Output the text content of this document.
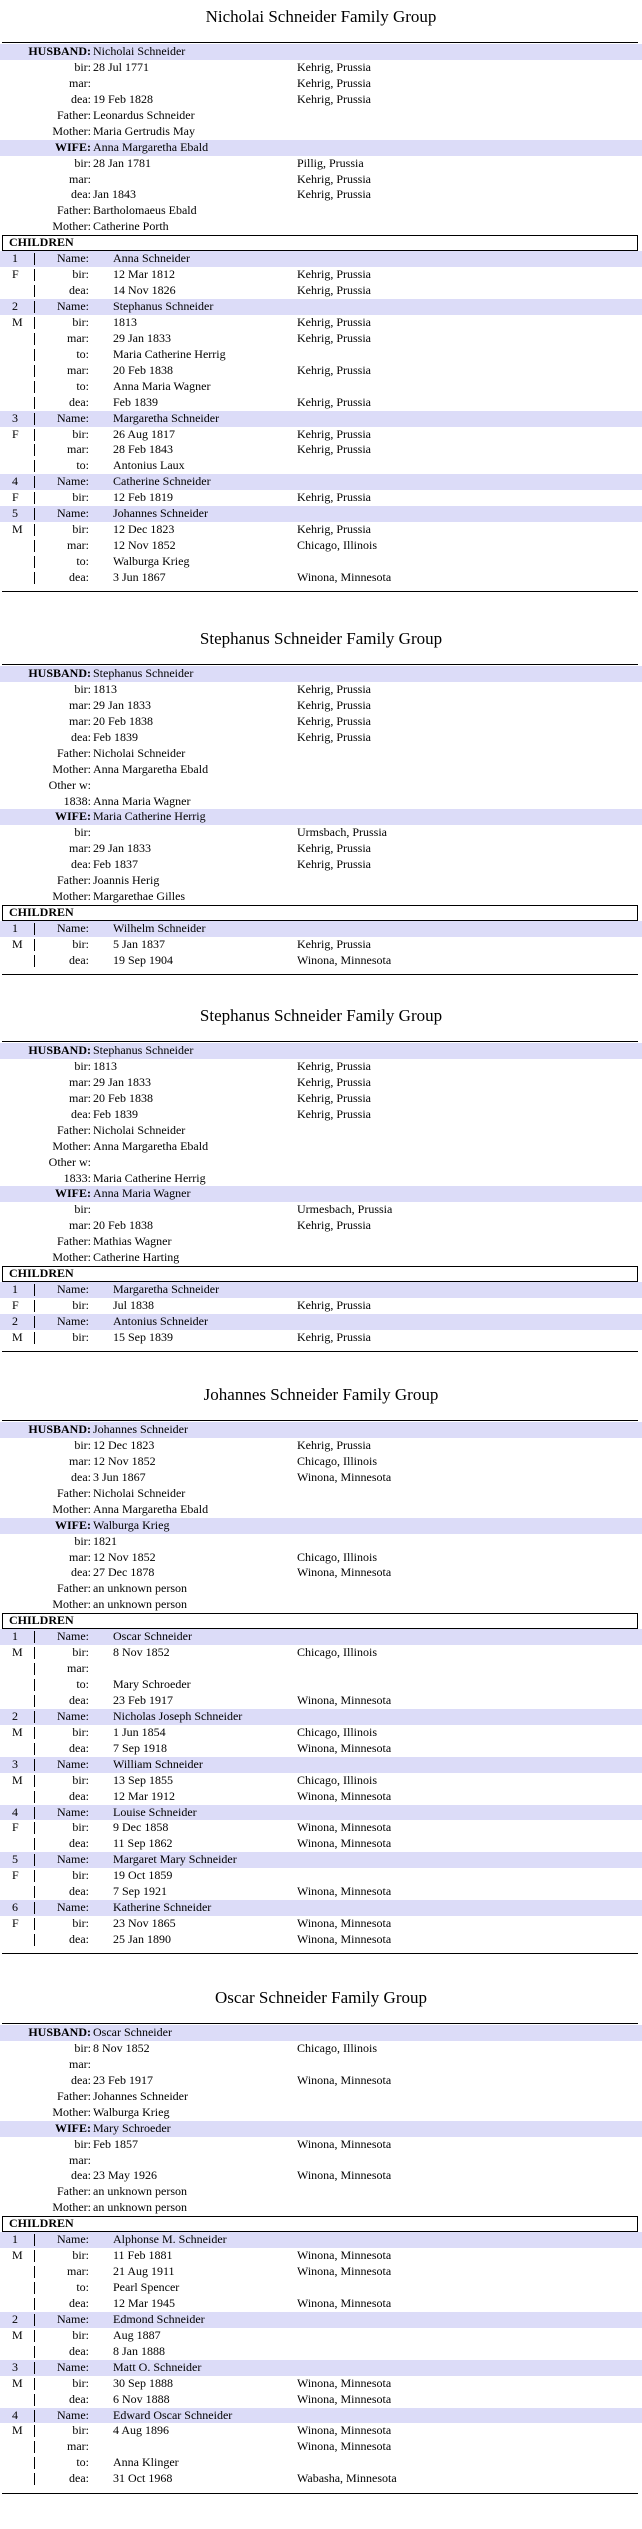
Nicholai Schneider Family Group
HUSBAND: Nicholai Schneider
bir: 28 Jul 1771	Kehrig, Prussia
mar:	Kehrig, Prussia
dea: 19 Feb 1828	Kehrig, Prussia
Father: Leonardus Schneider
Mother: Maria Gertrudis May
WIFE: Anna Margaretha Ebald
bir: 28 Jan 1781	Pillig, Prussia
mar:	Kehrig, Prussia
dea: Jan 1843	Kehrig, Prussia
Father: Bartholomaeus Ebald
Mother: Catherine Porth
CHILDREN
1	Name: Anna Schneider
F	bir: 12 Mar 1812	Kehrig, Prussia
dea: 14 Nov 1826	Kehrig, Prussia
2	Name: Stephanus Schneider
M	bir: 1813	Kehrig, Prussia
mar: 29 Jan 1833	Kehrig, Prussia
to: Maria Catherine Herrig
mar: 20 Feb 1838	Kehrig, Prussia
to: Anna Maria Wagner
dea: Feb 1839	Kehrig, Prussia
3	Name: Margaretha Schneider
F	bir: 26 Aug 1817	Kehrig, Prussia
mar: 28 Feb 1843	Kehrig, Prussia
to: Antonius Laux
4	Name: Catherine Schneider
F	bir: 12 Feb 1819	Kehrig, Prussia
5	Name: Johannes Schneider
M	bir: 12 Dec 1823	Kehrig, Prussia
mar: 12 Nov 1852	Chicago, Illinois
to: Walburga Krieg
dea: 3 Jun 1867	Winona, Minnesota
Stephanus Schneider Family Group
HUSBAND: Stephanus Schneider
bir: 1813	Kehrig, Prussia
mar: 29 Jan 1833	Kehrig, Prussia
mar: 20 Feb 1838	Kehrig, Prussia
dea: Feb 1839	Kehrig, Prussia
Father: Nicholai Schneider
Mother: Anna Margaretha Ebald
Other w:
1838: Anna Maria Wagner
WIFE: Maria Catherine Herrig
bir:	Urmsbach, Prussia
mar: 29 Jan 1833	Kehrig, Prussia
dea: Feb 1837	Kehrig, Prussia
Father: Joannis Herig
Mother: Margarethae Gilles
CHILDREN
1	Name: Wilhelm Schneider
M	bir: 5 Jan 1837	Kehrig, Prussia
dea: 19 Sep 1904	Winona, Minnesota
Stephanus Schneider Family Group
HUSBAND: Stephanus Schneider
bir: 1813	Kehrig, Prussia
mar: 29 Jan 1833	Kehrig, Prussia
mar: 20 Feb 1838	Kehrig, Prussia
dea: Feb 1839	Kehrig, Prussia
Father: Nicholai Schneider
Mother: Anna Margaretha Ebald
Other w:
1833: Maria Catherine Herrig
WIFE: Anna Maria Wagner
bir:	Urmesbach, Prussia
mar: 20 Feb 1838	Kehrig, Prussia
Father: Mathias Wagner
Mother: Catherine Harting
CHILDREN
1	Name: Margaretha Schneider
F	bir: Jul 1838	Kehrig, Prussia
2	Name: Antonius Schneider
M	bir: 15 Sep 1839	Kehrig, Prussia
Johannes Schneider Family Group
HUSBAND: Johannes Schneider
bir: 12 Dec 1823	Kehrig, Prussia
mar: 12 Nov 1852	Chicago, Illinois
dea: 3 Jun 1867	Winona, Minnesota
Father: Nicholai Schneider
Mother: Anna Margaretha Ebald
WIFE: Walburga Krieg
bir: 1821
mar: 12 Nov 1852	Chicago, Illinois
dea: 27 Dec 1878	Winona, Minnesota
Father: an unknown person
Mother: an unknown person
CHILDREN
1	Name: Oscar Schneider
M	bir: 8 Nov 1852	Chicago, Illinois
mar:
to: Mary Schroeder
dea: 23 Feb 1917	Winona, Minnesota
2	Name: Nicholas Joseph Schneider
M	bir: 1 Jun 1854	Chicago, Illinois
dea: 7 Sep 1918	Winona, Minnesota
3	Name: William Schneider
M	bir: 13 Sep 1855	Chicago, Illinois
dea: 12 Mar 1912	Winona, Minnesota
4	Name: Louise Schneider
F	bir: 9 Dec 1858	Winona, Minnesota
dea: 11 Sep 1862	Winona, Minnesota
5	Name: Margaret Mary Schneider
F	bir: 19 Oct 1859
dea: 7 Sep 1921	Winona, Minnesota
6	Name: Katherine Schneider
F	bir: 23 Nov 1865	Winona, Minnesota
dea: 25 Jan 1890	Winona, Minnesota
Oscar Schneider Family Group
HUSBAND: Oscar Schneider
bir: 8 Nov 1852	Chicago, Illinois
mar:
dea: 23 Feb 1917	Winona, Minnesota
Father: Johannes Schneider
Mother: Walburga Krieg
WIFE: Mary Schroeder
bir: Feb 1857	Winona, Minnesota
mar:
dea: 23 May 1926	Winona, Minnesota
Father: an unknown person
Mother: an unknown person
CHILDREN
1	Name: Alphonse M. Schneider
M	bir: 11 Feb 1881	Winona, Minnesota
mar: 21 Aug 1911	Winona, Minnesota
to: Pearl Spencer
dea: 12 Mar 1945	Winona, Minnesota
2	Name: Edmond Schneider
M	bir: Aug 1887
dea: 8 Jan 1888
3	Name: Matt O. Schneider
M	bir: 30 Sep 1888	Winona, Minnesota
dea: 6 Nov 1888	Winona, Minnesota
4	Name: Edward Oscar Schneider
M	bir: 4 Aug 1896	Winona, Minnesota
mar:	Winona, Minnesota
to: Anna Klinger
dea: 31 Oct 1968	Wabasha, Minnesota
